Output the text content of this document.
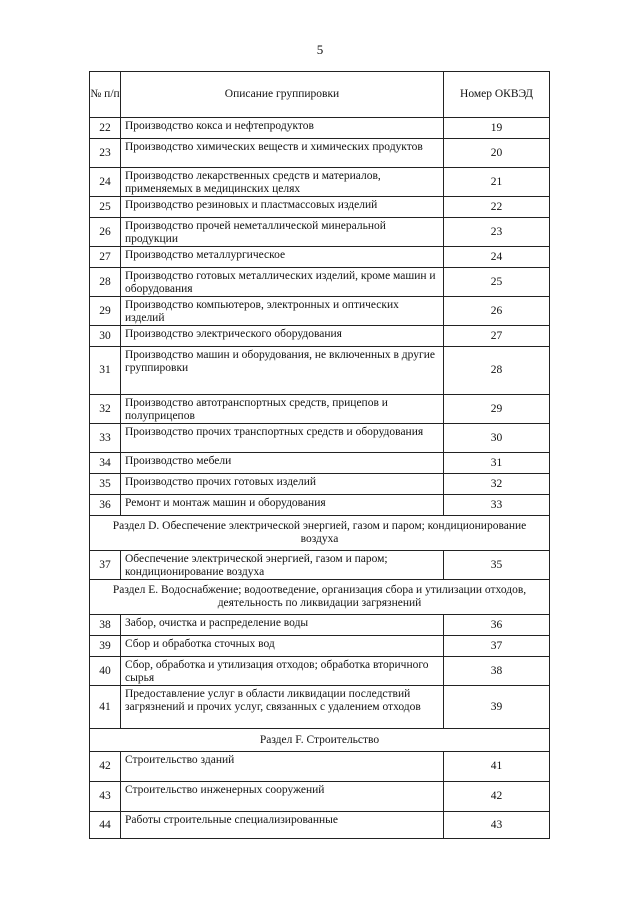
5
№ п/п	Описание группировки	Номер ОКВЭД
22	Производство кокса и нефтепродуктов	19
23	Производство химических веществ и химических продуктов	20
24	Производство лекарственных средств и материалов, применяемых в медицинских целях	21
25	Производство резиновых и пластмассовых изделий	22
26	Производство прочей неметаллической минеральной продукции	23
27	Производство металлургическое	24
28	Производство готовых металлических изделий, кроме машин и оборудования	25
29	Производство компьютеров, электронных и оптических изделий	26
30	Производство электрического оборудования	27
31	Производство машин и оборудования, не включенных в другие группировки	28
32	Производство автотранспортных средств, прицепов и полуприцепов	29
33	Производство прочих транспортных средств и оборудования	30
34	Производство мебели	31
35	Производство прочих готовых изделий	32
36	Ремонт и монтаж машин и оборудования	33
Раздел D. Обеспечение электрической энергией, газом и паром; кондиционирование воздуха		
37	Обеспечение электрической энергией, газом и паром; кондиционирование воздуха	35
Раздел Е. Водоснабжение; водоотведение, организация сбора и утилизации отходов, деятельность по ликвидации загрязнений		
38	Забор, очистка и распределение воды	36
39	Сбор и обработка сточных вод	37
40	Сбор, обработка и утилизация отходов; обработка вторичного сырья	38
41	Предоставление услуг в области ликвидации последствий загрязнений и прочих услуг, связанных с удалением отходов	39
Раздел F. Строительство		
42	Строительство зданий	41
43	Строительство инженерных сооружений	42
44	Работы строительные специализированные	43
